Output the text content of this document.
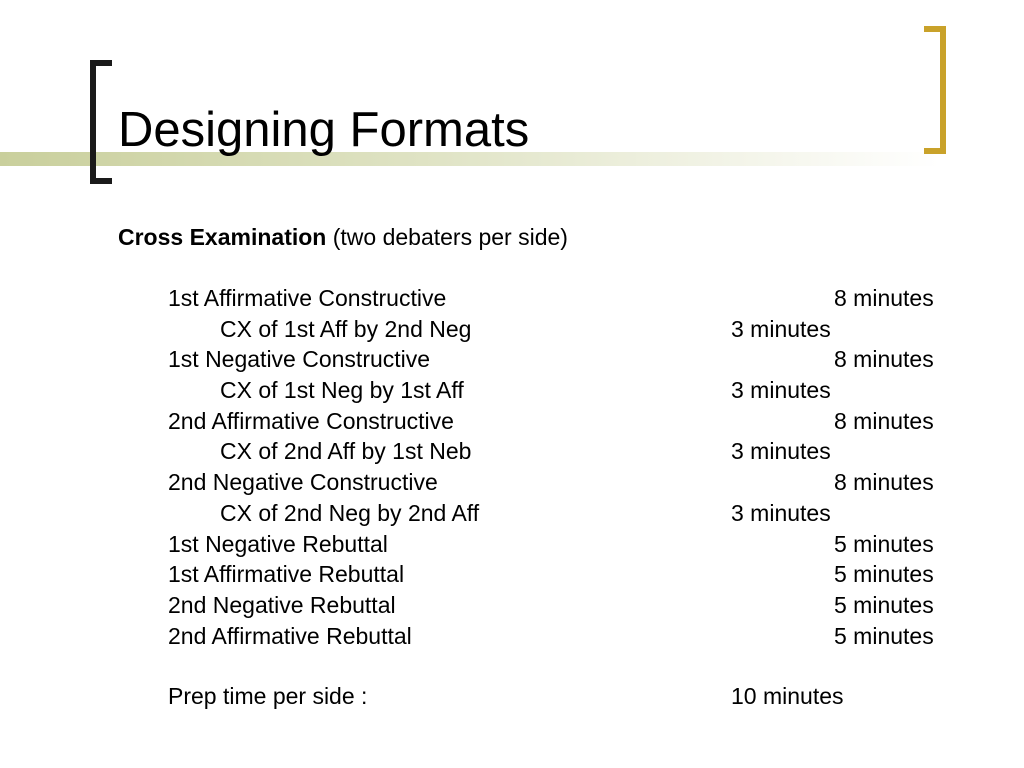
Designing Formats
Cross Examination (two debaters per side)
1st Affirmative Constructive	8 minutes
CX of 1st Aff by 2nd Neg	3 minutes
1st Negative Constructive	8 minutes
CX of 1st Neg by 1st Aff	3 minutes
2nd Affirmative Constructive	8 minutes
CX of 2nd Aff by 1st Neb	3 minutes
2nd Negative Constructive	8 minutes
CX of 2nd Neg by 2nd Aff	3 minutes
1st Negative Rebuttal	5 minutes
1st Affirmative Rebuttal	5 minutes
2nd Negative Rebuttal	5 minutes
2nd Affirmative Rebuttal	5 minutes
Prep time per side :	10 minutes
